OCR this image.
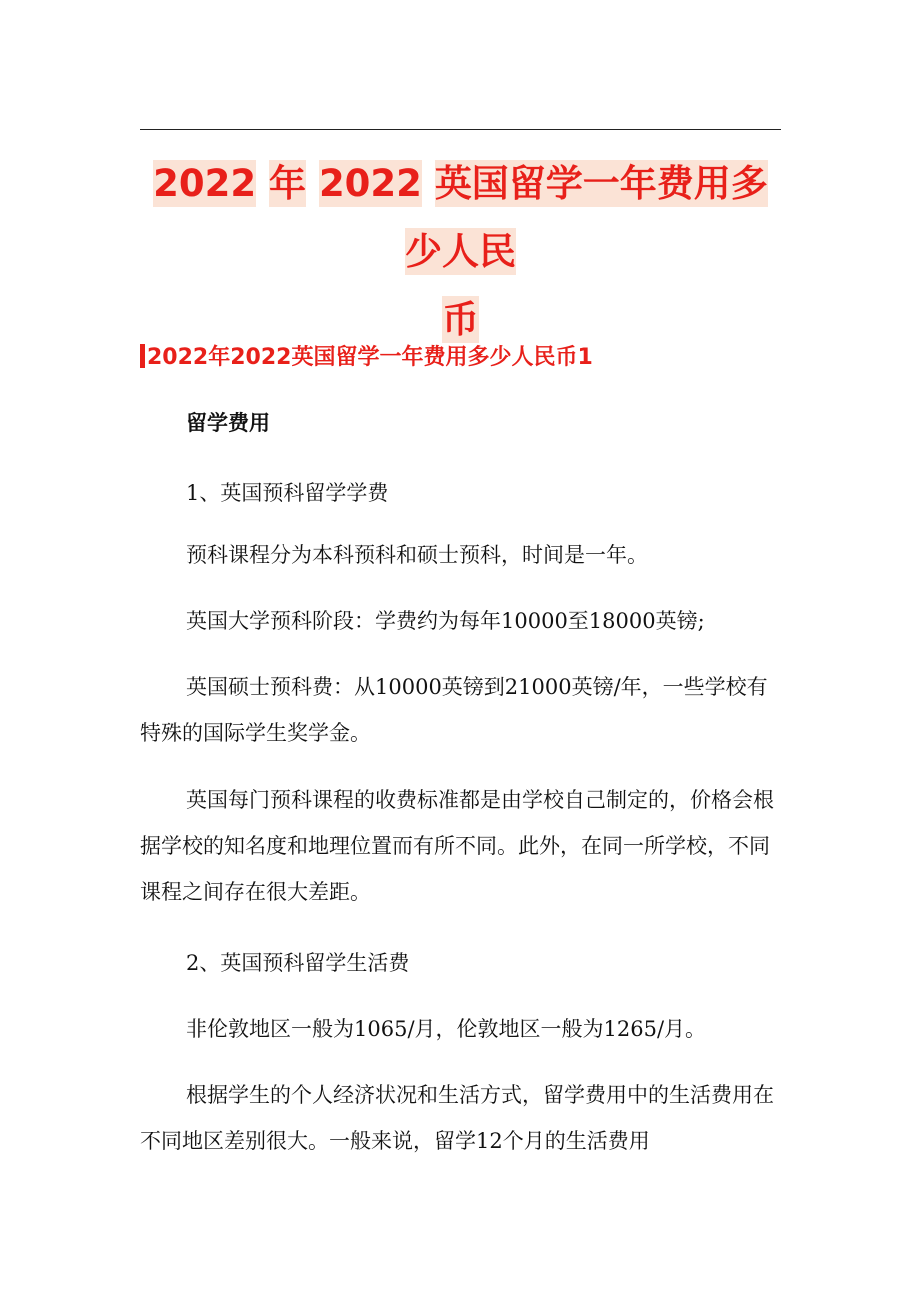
2022 年 2022 英国留学一年费用多少人民
币
2022年2022英国留学一年费用多少人民币1
留学费用
1、英国预科留学学费
预科课程分为本科预科和硕士预科，时间是一年。
英国大学预科阶段：学费约为每年10000至18000英镑;
英国硕士预科费：从10000英镑到21000英镑/年，一些学校有特殊的国际学生奖学金。
英国每门预科课程的收费标准都是由学校自己制定的，价格会根据学校的知名度和地理位置而有所不同。此外，在同一所学校，不同课程之间存在很大差距。
2、英国预科留学生活费
非伦敦地区一般为1065/月，伦敦地区一般为1265/月。
根据学生的个人经济状况和生活方式，留学费用中的生活费用在不同地区差别很大。一般来说，留学12个月的生活费用
